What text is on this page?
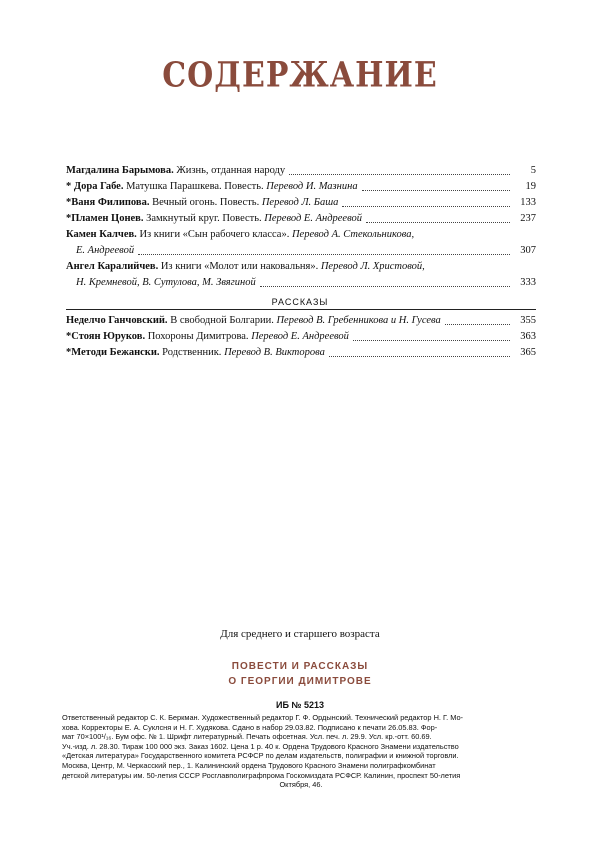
СОДЕРЖАНИЕ
Магдалина Барымова. Жизнь, отданная народу	5
* Дора Габе. Матушка Парашкева. Повесть. Перевод И. Мазнина	19
*Ваня Филипова. Вечный огонь. Повесть. Перевод Л. Баша	133
*Пламен Цонев. Замкнутый круг. Повесть. Перевод Е. Андреевой	237
Камен Калчев. Из книги «Сын рабочего класса». Перевод А. Стекольникова,
Е. Андреевой	307
Ангел Каралийчев. Из книги «Молот или наковальня». Перевод Л. Христовой,
Н. Кремневой, В. Сутулова, М. Звягиной	333
РАССКАЗЫ
Неделчо Ганчовский. В свободной Болгарии. Перевод В. Гребенникова и Н. Гусева	355
*Стоян Юруков. Похороны Димитрова. Перевод Е. Андреевой	363
*Методи Бежански. Родственник. Перевод В. Викторова	365
Для среднего и старшего возраста
ПОВЕСТИ И РАССКАЗЫ
О ГЕОРГИИ ДИМИТРОВЕ
ИБ № 5213
Ответственный редактор С. К. Беркман. Художественный редактор Г. Ф. Ордынский. Технический редактор Н. Г. Мо-
хова. Корректоры Е. А. Суклсня и Н. Г. Худякова. Сдано в набор 29.03.82. Подписано к печати 26.05.83. Фор-
мат 70×100¹/₁₆. Бум офс. № 1. Шрифт литературный. Печать офсетная. Усл. печ. л. 29.9. Усл. кр.-отт. 60.69.
Уч.-изд. л. 28.30. Тираж 100 000 экз. Заказ 1602. Цена 1 р. 40 к. Ордена Трудового Красного Знамени издательство
«Детская литература» Государственного комитета РСФСР по делам издательств, полиграфии и книжной торговли.
Москва, Центр, М. Черкасский пер., 1. Калининский ордена Трудового Красного Знамени полиграфкомбинат
детской литературы им. 50-летия СССР Росглавполиграфпрома Госкомиздата РСФСР. Калинин, проспект 50-летия
Октября, 46.
